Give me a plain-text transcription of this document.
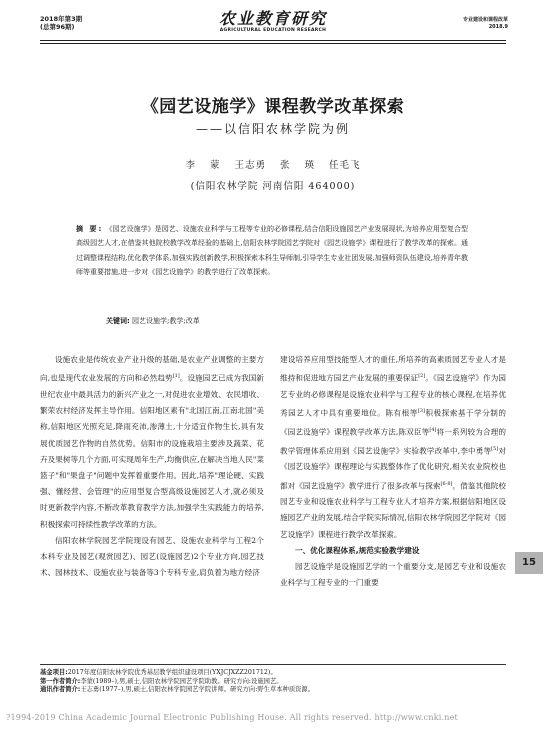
2018年第3期
(总第96期)	农业教育研究
AGRICULTURAL EDUCATION RESEARCH
专业建设和课程改革
2018.9
《园艺设施学》课程教学改革探索
——以信阳农林学院为例
李 蒙 王志勇 张 瑛 任毛飞
(信阳农林学院 河南信阳 464000)
摘 要: 《园艺设施学》是园艺、设施农业科学与工程等专业的必修课程,结合信阳设施园艺产业发展现状,为培养应用型复合型高级园艺人才,在借鉴其他院校教学改革经验的基础上,信阳农林学院园艺学院对《园艺设施学》课程进行了教学改革的探索。通过调整课程结构,优化教学体系,加强实践创新教学,积极探索本科生导师制,引导学生专业社团发展,加强师资队伍建设,培养青年教师等重要措施,进一步对《园艺设施学》的教学进行了改革探索。
关键词: 园艺设施学;教学;改革

设施农业是传统农业产业升级的基础,是农业产业调整的主要方向,也是现代农业发展的方向和必然趋势[1]。设施园艺已成为我国新世纪农业中最具活力的新兴产业之一,对促进农业增效、农民增收、繁荣农村经济发挥主导作用。信阳地区素有"北国江南,江南北国"美称,信阳地区光照充足,降雨充沛,渗薄土,十分适宜作物生长,具有发展优质园艺作物的自然优势。信阳市的设施栽培主要涉及蔬菜、花卉及果树等几个方面,可实现周年生产,均衡供应,在解决当地人民"菜篮子"和"果盘子"问题中发挥着重要作用。因此,培养"理论硬、实践强、懂经营、会管理"的应用型复合型高级设施园艺人才,就必须及时更新教学内容,不断改革教育教学方法,加强学生实践能力的培养,积极探索可持续性教学改革的方法。

信阳农林学院园艺学院现设有园艺、设施农业科学与工程2个本科专业及园艺(观赏园艺)、园艺(设施园艺)2个专业方向,园艺技术、园林技术、设施农业与装备等3个专科专业,肩负着为地方经济

建设培养应用型技能型人才的重任,所培养的高素质园艺专业人才是维持和促进地方园艺产业发展的重要保证[2]。《园艺设施学》作为园艺专业的必修课程是设施农业科学与工程专业的核心课程,在培养优秀园艺人才中具有重要地位。陈有根等[3]积极探索基于学分制的《园艺设施学》课程教学改革方法,陈双臣等[4]将一系列较为合理的教学管理体系应用到《园艺设施学》实验教学改革中,李中勇等[5]对《园艺设施学》课程理论与实践整体作了优化研究,相关农业院校也都对《园艺设施学》教学进行了很多改革与探索[6-8]。借鉴其他院校园艺专业和设施农业科学与工程专业人才培养方案,根据信阳地区设施园艺产业的发展,结合学院实际情况,信阳农林学院园艺学院对《园艺设施学》课程进行教学改革探索。

一、优化课程体系,规范实验教学建设

园艺设施学是设施园艺学的一个重要分支,是园艺专业和设施农业科学与工程专业的一门重要

15
基金项目:2017年度信阳农林学院优秀基层教学组织建设项目(YXJCJXZZ201712)。
第一作者简介:李蒙(1989–),男,硕士,信阳农林学院园艺学院助教。研究方向:设施园艺。
通讯作者简介:王志勇(1977–),男,硕士,信阳农林学院园艺学院讲师。研究方向:野生草本种质资源。
?1994-2019 China Academic Journal Electronic Publishing House. All rights reserved. http://www.cnki.net
